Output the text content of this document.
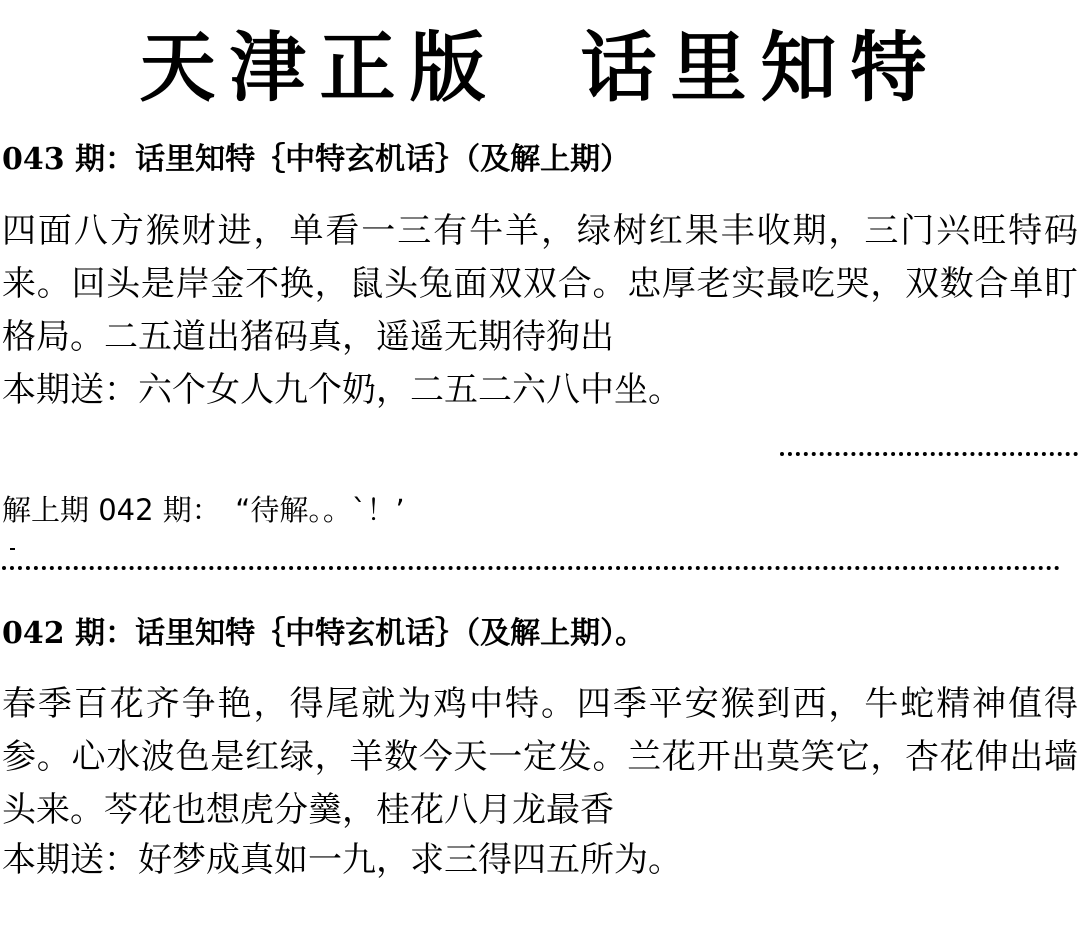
天津正版  话里知特
043 期：话里知特｛中特玄机话｝（及解上期）
四面八方猴财进，单看一三有牛羊，绿树红果丰收期，三门兴旺特码来。回头是岸金不换，鼠头兔面双双合。忠厚老实最吃哭，双数合单盯格局。二五道出猪码真，遥遥无期待狗出
本期送：六个女人九个奶，二五二六八中坐。
解上期 042 期：　“待解。。`！’
042 期：话里知特｛中特玄机话｝（及解上期）。
春季百花齐争艳，得尾就为鸡中特。四季平安猴到西，牛蛇精神值得参。心水波色是红绿，羊数今天一定发。兰花开出莫笑它，杏花伸出墙头来。芩花也想虎分羹，桂花八月龙最香
本期送：好梦成真如一九，求三得四五所为。
